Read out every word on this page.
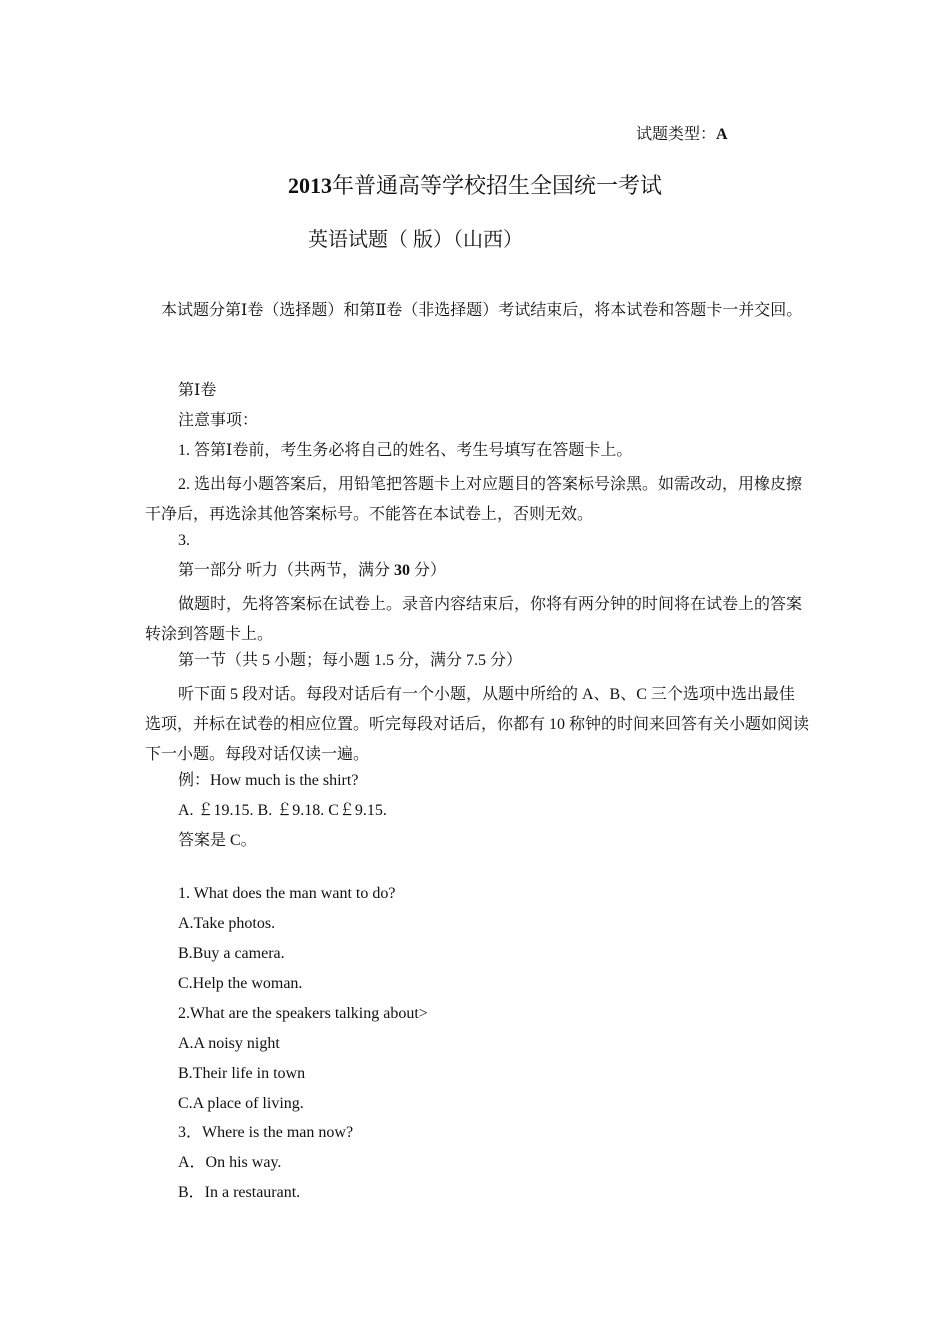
试题类型：A
2013年普通高等学校招生全国统一考试
英语试题（ 版）（山西）
本试题分第Ⅰ卷（选择题）和第Ⅱ卷（非选择题）考试结束后，将本试卷和答题卡一并交回。
第Ⅰ卷
注意事项：
1. 答第Ⅰ卷前，考生务必将自己的姓名、考生号填写在答题卡上。
2. 选出每小题答案后，用铅笔把答题卡上对应题目的答案标号涂黑。如需改动，用橡皮擦干净后，再选涂其他答案标号。不能答在本试卷上，否则无效。
3.
第一部分 听力（共两节，满分 30 分）
做题时，先将答案标在试卷上。录音内容结束后，你将有两分钟的时间将在试卷上的答案转涂到答题卡上。
第一节（共 5 小题；每小题 1.5 分，满分 7.5 分）
听下面 5 段对话。每段对话后有一个小题，从题中所给的 A、B、C 三个选项中选出最佳选项，并标在试卷的相应位置。听完每段对话后，你都有 10 称钟的时间来回答有关小题如阅读下一小题。每段对话仅读一遍。
例：How much is the shirt?
A. ￡19.15. B. ￡9.18. C￡9.15.
答案是 C。
1. What does the man want to do?
A.Take photos.
B.Buy a camera.
C.Help the woman.
2.What are the speakers talking about>
A.A noisy night
B.Their life in town
C.A place of living.
3．Where is the man now?
A．On his way.
B．In a restaurant.
